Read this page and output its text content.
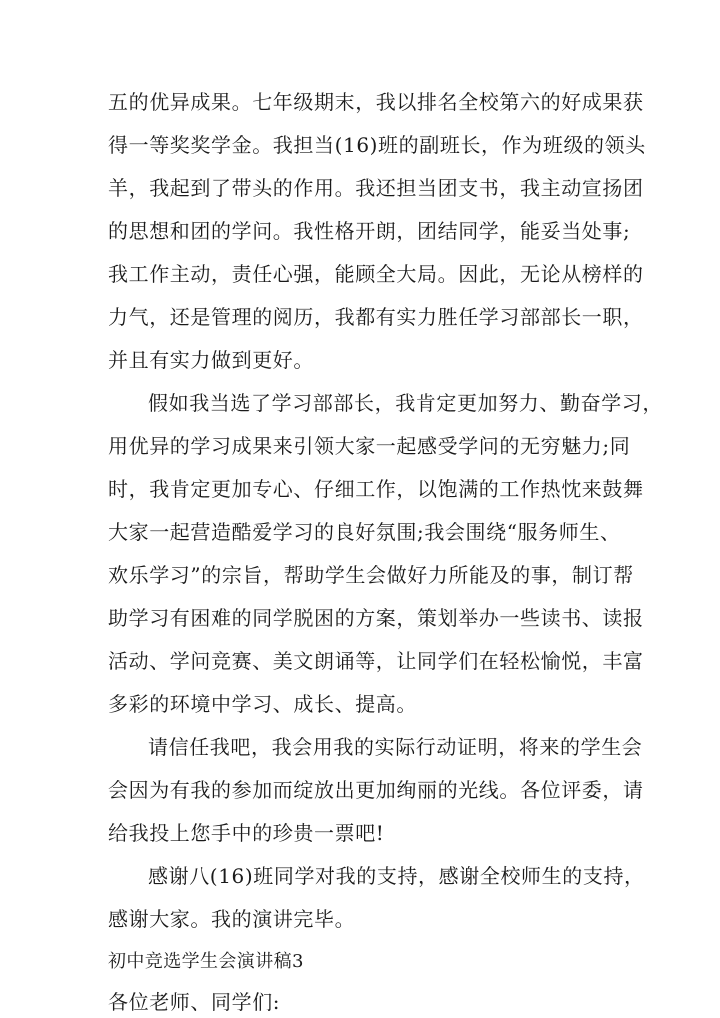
五的优异成果。七年级期末，我以排名全校第六的好成果获
得一等奖奖学金。我担当(16)班的副班长，作为班级的领头
羊，我起到了带头的作用。我还担当团支书，我主动宣扬团
的思想和团的学问。我性格开朗，团结同学，能妥当处事;
我工作主动，责任心强，能顾全大局。因此，无论从榜样的
力气，还是管理的阅历，我都有实力胜任学习部部长一职，
并且有实力做到更好。
假如我当选了学习部部长，我肯定更加努力、勤奋学习，
用优异的学习成果来引领大家一起感受学问的无穷魅力;同
时，我肯定更加专心、仔细工作，以饱满的工作热忱来鼓舞
大家一起营造酷爱学习的良好氛围;我会围绕“服务师生、
欢乐学习”的宗旨，帮助学生会做好力所能及的事，制订帮
助学习有困难的同学脱困的方案，策划举办一些读书、读报
活动、学问竞赛、美文朗诵等，让同学们在轻松愉悦，丰富
多彩的环境中学习、成长、提高。
请信任我吧，我会用我的实际行动证明，将来的学生会
会因为有我的参加而绽放出更加绚丽的光线。各位评委，请
给我投上您手中的珍贵一票吧!
感谢八(16)班同学对我的支持，感谢全校师生的支持，
感谢大家。我的演讲完毕。
初中竞选学生会演讲稿3
各位老师、同学们:
